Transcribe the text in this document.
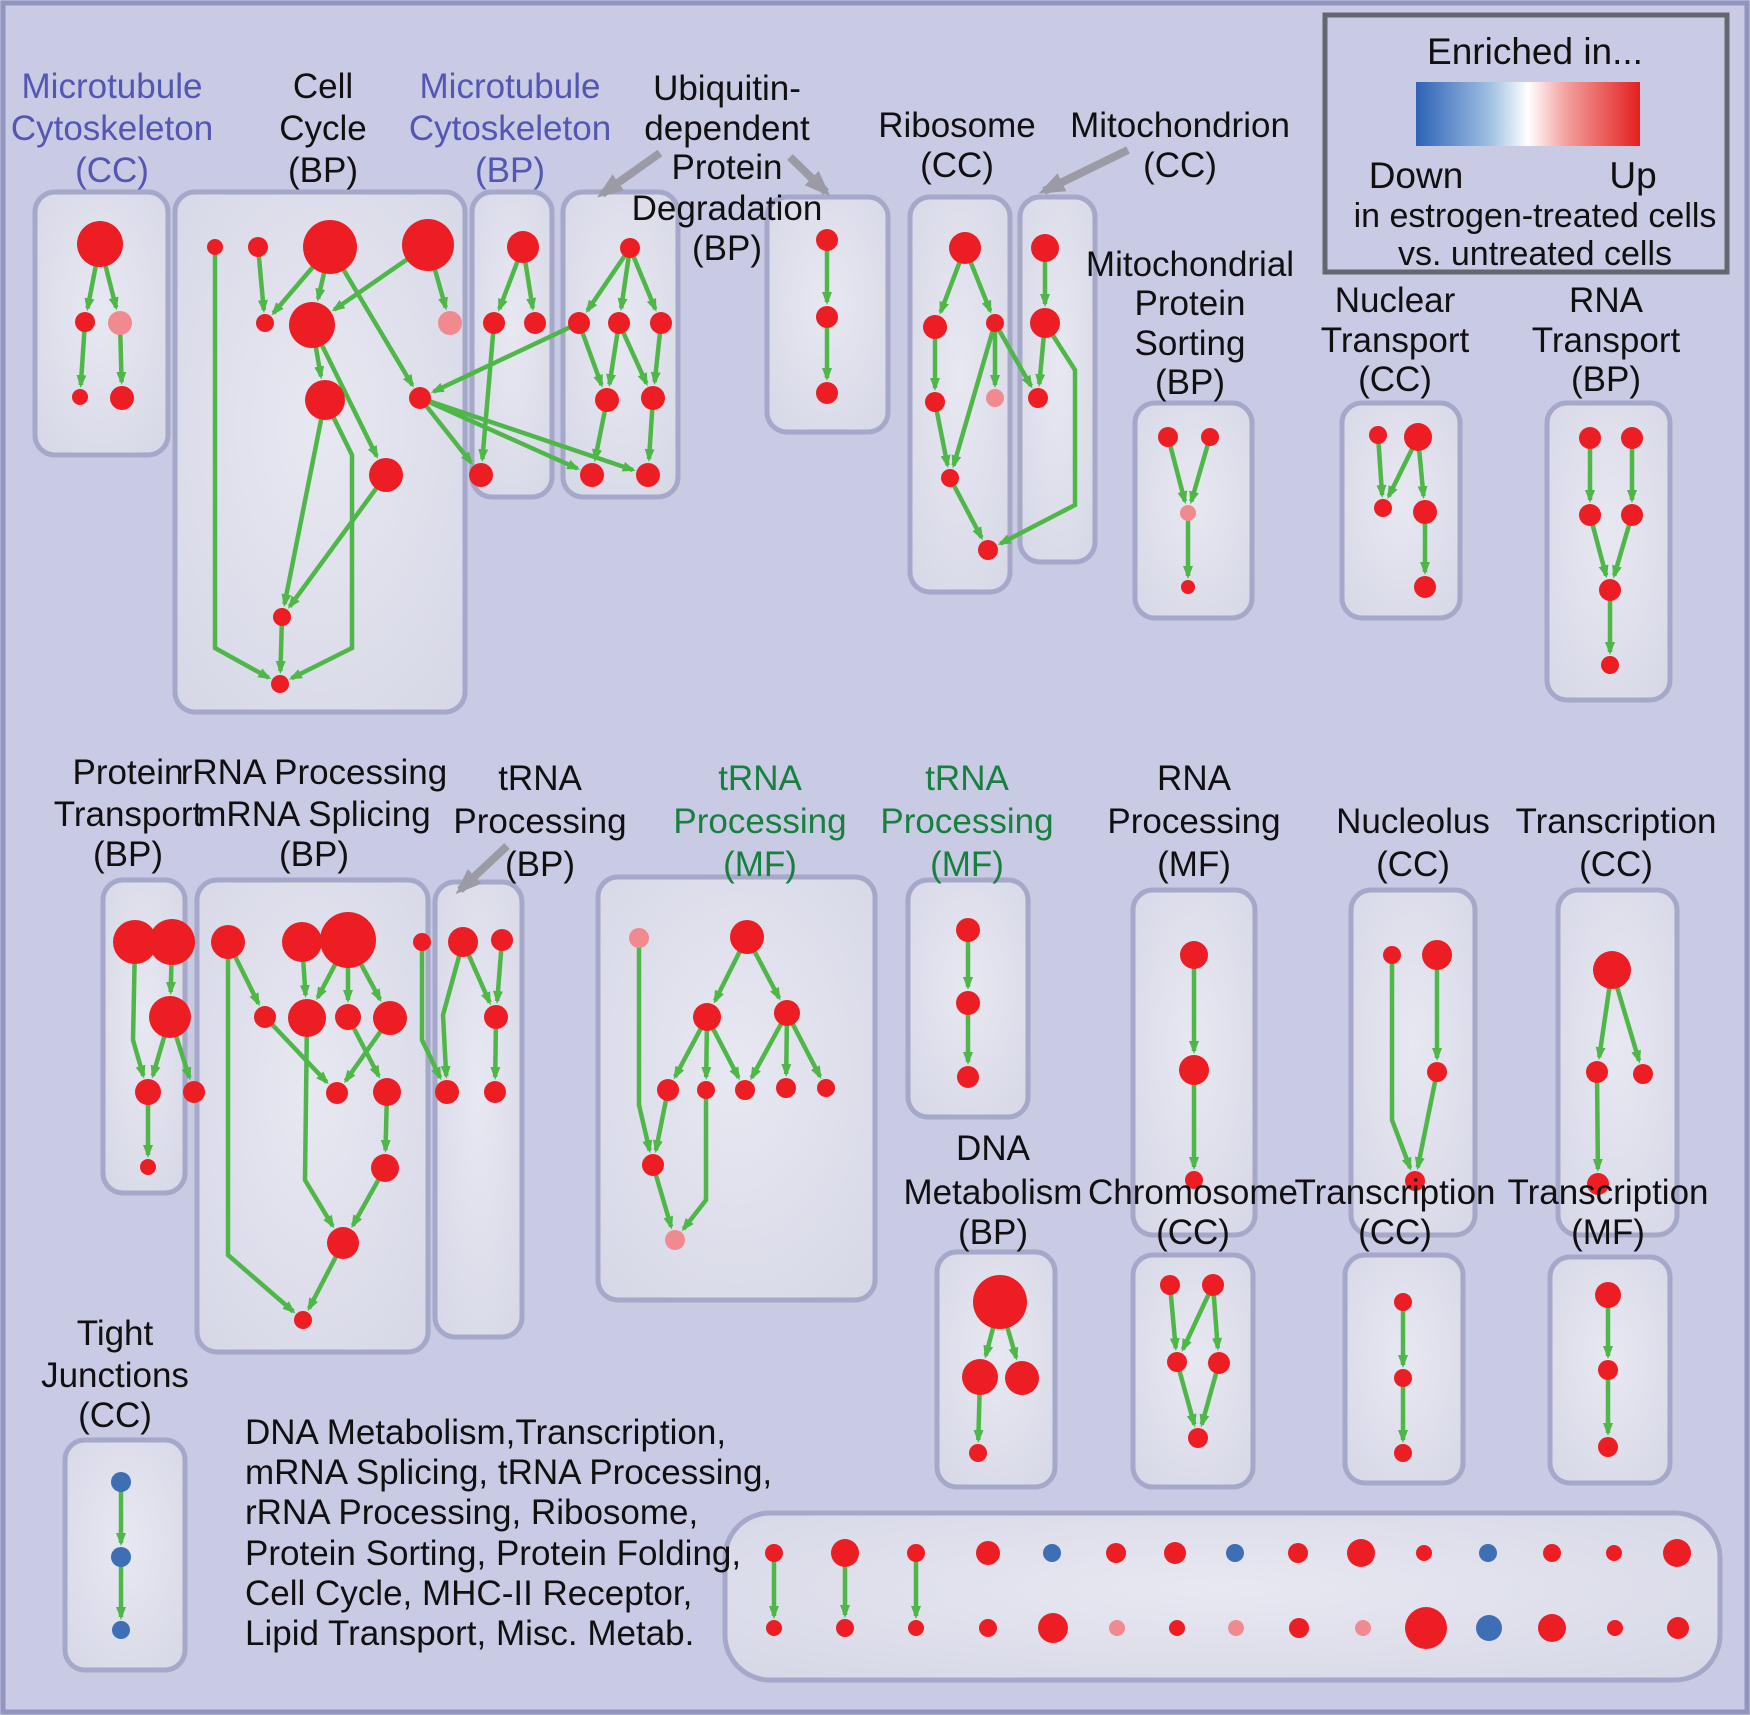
Microtubule
Cytoskeleton
(CC)
Cell
Cycle
(BP)
Microtubule
Cytoskeleton
(BP)
Ubiquitin-
dependent
Protein
Degradation
(BP)
Ribosome
(CC)
Mitochondrion
(CC)
Mitochondrial
Protein
Sorting
(BP)
Nuclear
Transport
(CC)
RNA
Transport
(BP)
Protein
Transport
(BP)
rRNA Processing
mRNA Splicing
(BP)
tRNA
Processing
(BP)
tRNA
Processing
(MF)
tRNA
Processing
(MF)
RNA
Processing
(MF)
Nucleolus
(CC)
Transcription
(CC)
DNA
Metabolism
(BP)
Chromosome
(CC)
Transcription
(CC)
Transcription
(MF)
Tight
Junctions
(CC)	DNA Metabolism,Transcription,
mRNA Splicing, tRNA Processing,
rRNA Processing, Ribosome,
Protein Sorting, Protein Folding,
Cell Cycle, MHC-II Receptor,
Lipid Transport, Misc. Metab.
Enriched in...
Down	Up
in estrogen-treated cells
vs. untreated cells
